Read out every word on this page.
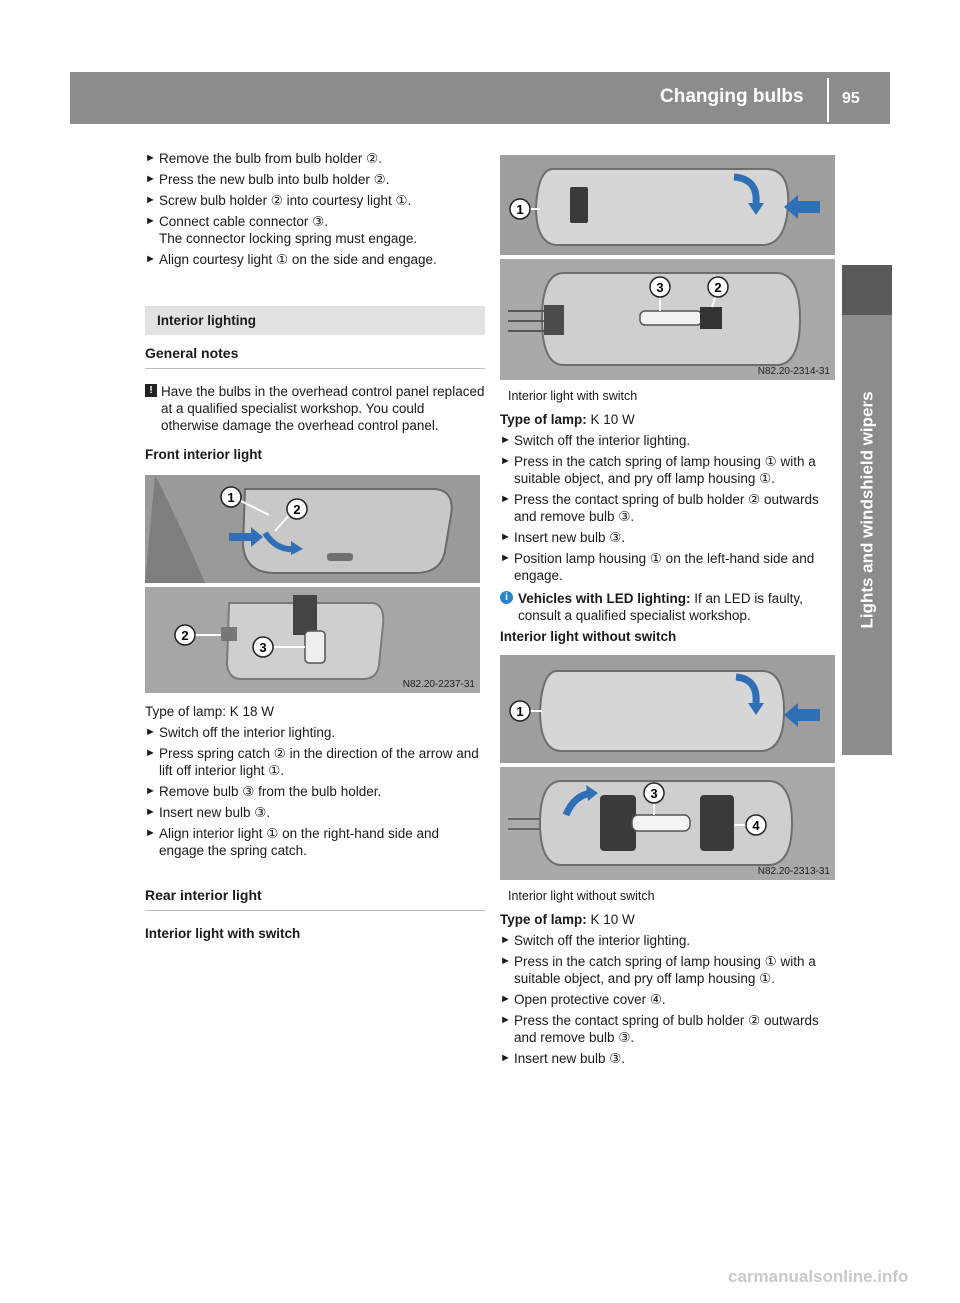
Changing bulbs 95
Lights and windshield wipers
► Remove the bulb from bulb holder ②.
► Press the new bulb into bulb holder ②.
► Screw bulb holder ② into courtesy light ①.
► Connect cable connector ③.
The connector locking spring must engage.
► Align courtesy light ① on the side and engage.
Interior lighting
General notes
! Have the bulbs in the overhead control panel replaced at a qualified specialist workshop. You could otherwise damage the overhead control panel.
Front interior light
1
2
2
3
N82.20-2237-31
Type of lamp: K 18 W
► Switch off the interior lighting.
► Press spring catch ② in the direction of the arrow and lift off interior light ①.
► Remove bulb ③ from the bulb holder.
► Insert new bulb ③.
► Align interior light ① on the right-hand side and engage the spring catch.
Rear interior light
Interior light with switch
1
3	2
N82.20-2314-31
Interior light with switch
Type of lamp: K 10 W
► Switch off the interior lighting.
► Press in the catch spring of lamp housing ① with a suitable object, and pry off lamp housing ①.
► Press the contact spring of bulb holder ② outwards and remove bulb ③.
► Insert new bulb ③.
► Position lamp housing ① on the left-hand side and engage.
i Vehicles with LED lighting: If an LED is faulty, consult a qualified specialist workshop.
Interior light without switch
1
3
4
N82.20-2313-31
Interior light without switch
Type of lamp: K 10 W
► Switch off the interior lighting.
► Press in the catch spring of lamp housing ① with a suitable object, and pry off lamp housing ①.
► Open protective cover ④.
► Press the contact spring of bulb holder ② outwards and remove bulb ③.
► Insert new bulb ③.
carmanualsonline.info
